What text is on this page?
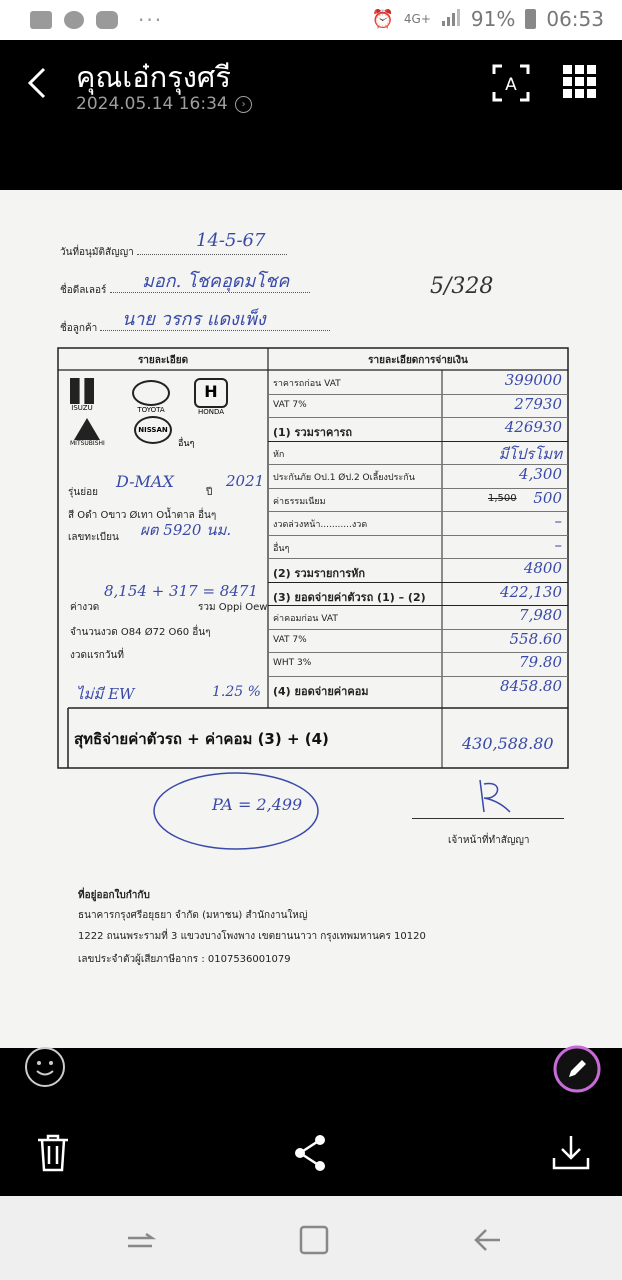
···	⏰ 4G+ 91% 06:53
คุณเอ๋กรุงศรี
2024.05.14 16:34 ›
A
วันที่อนุมัติสัญญา
14-5-67
ชื่อดีลเลอร์	มอก. โชคอุดมโชค	5/328
ชื่อลูกค้า	นาย วรกร แดงเพ็ง
รายละเอียด	รายละเอียดการจ่ายเงิน
ISUZU	TOYOTA
H
HONDA
MITSUBISHI
NISSAN
อื่นๆ
รุ่นย่อย
D-MAX
ปี
2021
สี Oดำ Oขาว Øเทา Oน้ำตาล อื่นๆ
เลขทะเบียน ผต 5920 นม.
ค่างวด
8,154 + 317 = 8471
รวม Oppi Oew
จำนวนงวด O84 Ø72 O60 อื่นๆ
งวดแรกวันที่
ไม่มี EW	1.25 %
ราคารถก่อน VAT	399000
VAT 7%	27930
(1) รวมราคารถ	426930
หัก	มีโปรโมท
ประกันภัย Oป.1 Øป.2 Oเลี้ยงประกัน	4,300
ค่าธรรมเนียม	1,500 500
งวดล่วงหน้า...........งวด	–
อื่นๆ	–
(2) รวมรายการหัก	4800
(3) ยอดจ่ายค่าตัวรถ (1) – (2)	422,130
ค่าคอมก่อน VAT	7,980
VAT 7%	558.60
WHT 3%	79.80
(4) ยอดจ่ายค่าคอม	8458.80
สุทธิจ่ายค่าตัวรถ + ค่าคอม (3) + (4)	430,588.80
PA = 2,499
เจ้าหน้าที่ทำสัญญา
ที่อยู่ออกใบกำกับ
ธนาคารกรุงศรีอยุธยา จำกัด (มหาชน) สำนักงานใหญ่
1222 ถนนพระรามที่ 3 แขวงบางโพงพาง เขตยานนาวา กรุงเทพมหานคร 10120
เลขประจำตัวผู้เสียภาษีอากร : 0107536001079
